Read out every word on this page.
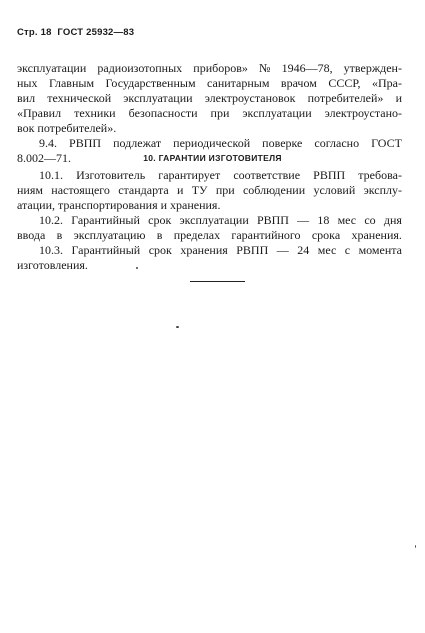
Стр. 18 ГОСТ 25932—83
эксплуатации радиоизотопных приборов» № 1946—78, утвержден-
ных Главным Государственным санитарным врачом СССР, «Пра-
вил технической эксплуатации электроустановок потребителей» и
«Правил техники безопасности при эксплуатации электроустано-
вок потребителей».
9.4. РВПП подлежат периодической поверке согласно ГОСТ
8.002—71.	10. ГАРАНТИИ ИЗГОТОВИТЕЛЯ
10.1. Изготовитель гарантирует соответствие РВПП требова-
ниям настоящего стандарта и ТУ при соблюдении условий эксплу-
атации, транспортирования и хранения.
10.2. Гарантийный срок эксплуатации РВПП — 18 мес со дня
ввода в эксплуатацию в пределах гарантийного срока хранения.
10.3. Гарантийный срок хранения РВПП — 24 мес с момента
изготовления.
